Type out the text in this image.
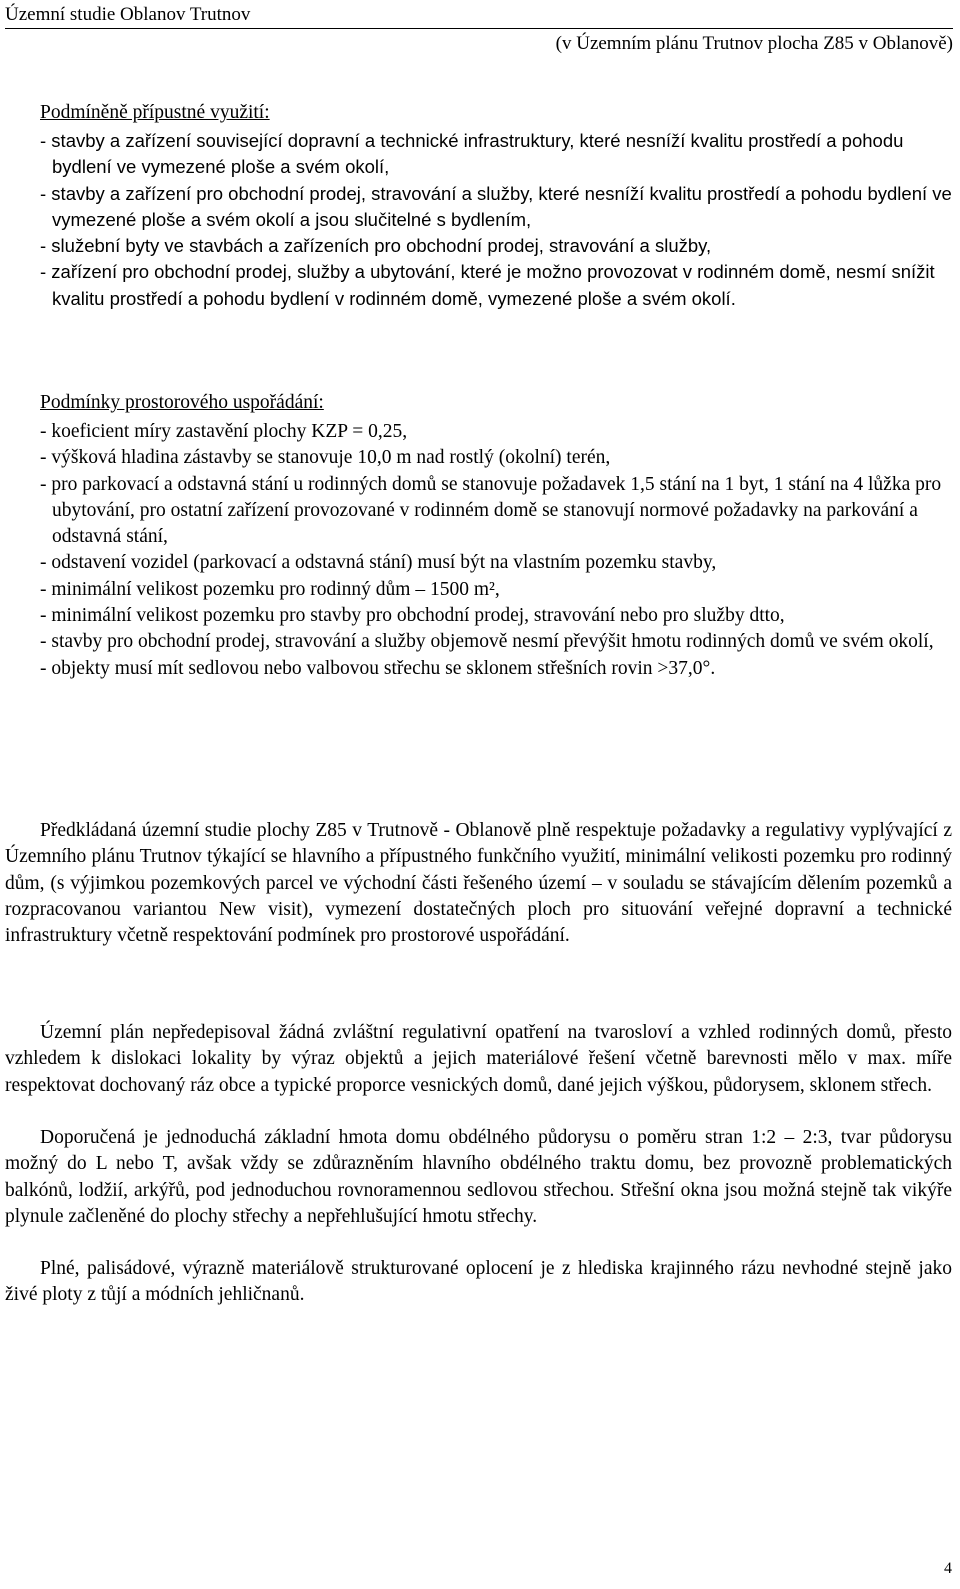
Územní studie Oblanov Trutnov
(v Územním plánu Trutnov plocha Z85 v Oblanově)
Podmíněně přípustné využití:
- stavby a zařízení související dopravní a technické infrastruktury, které nesníží kvalitu prostředí a pohodu bydlení ve vymezené ploše a svém okolí,
- stavby a zařízení pro obchodní prodej, stravování a služby, které nesníží kvalitu prostředí a pohodu bydlení ve vymezené ploše a svém okolí a jsou slučitelné s bydlením,
- služební byty ve stavbách a zařízeních pro obchodní prodej, stravování a služby,
- zařízení pro obchodní prodej, služby a ubytování, které je možno provozovat v rodinném domě, nesmí snížit kvalitu prostředí a pohodu bydlení v rodinném domě, vymezené ploše a svém okolí.
Podmínky prostorového uspořádání:
- koeficient míry zastavění plochy KZP = 0,25,
- výšková hladina zástavby se stanovuje 10,0 m nad rostlý (okolní) terén,
- pro parkovací a odstavná stání u rodinných domů se stanovuje požadavek 1,5 stání na 1 byt, 1 stání na 4 lůžka pro ubytování, pro ostatní zařízení provozované v rodinném domě se stanovují normové požadavky na parkování a odstavná stání,
- odstavení vozidel (parkovací a odstavná stání) musí být na vlastním pozemku stavby,
- minimální velikost pozemku pro rodinný dům – 1500 m²,
- minimální velikost pozemku pro stavby pro obchodní prodej, stravování nebo pro služby dtto,
- stavby pro obchodní prodej, stravování a služby objemově nesmí převýšit hmotu rodinných domů ve svém okolí,
- objekty musí mít sedlovou nebo valbovou střechu se sklonem střešních rovin >37,0°.

Předkládaná územní studie plochy Z85 v Trutnově - Oblanově plně respektuje požadavky a regulativy vyplývající z Územního plánu Trutnov týkající se hlavního a přípustného funkčního využití, minimální velikosti pozemku pro rodinný dům, (s výjimkou pozemkových parcel ve východní části řešeného území – v souladu se stávajícím dělením pozemků a rozpracovanou variantou New visit), vymezení dostatečných ploch pro situování veřejné dopravní a technické infrastruktury včetně respektování podmínek pro prostorové uspořádání.

Územní plán nepředepisoval žádná zvláštní regulativní opatření na tvarosloví a vzhled rodinných domů, přesto vzhledem k dislokaci lokality by výraz objektů a jejich materiálové řešení včetně barevnosti mělo v max. míře respektovat dochovaný ráz obce a typické proporce vesnických domů, dané jejich výškou, půdorysem, sklonem střech.

Doporučená je jednoduchá základní hmota domu obdélného půdorysu o poměru stran 1:2 – 2:3, tvar půdorysu možný do L nebo T, avšak vždy se zdůrazněním hlavního obdélného traktu domu, bez provozně problematických balkónů, lodžií, arkýřů, pod jednoduchou rovnoramennou sedlovou střechou. Střešní okna jsou možná stejně tak vikýře plynule začleněné do plochy střechy a nepřehlušující hmotu střechy.

Plné, palisádové, výrazně materiálově strukturované oplocení je z hlediska krajinného rázu nevhodné stejně jako živé ploty z tůjí a módních jehličnanů.

4
